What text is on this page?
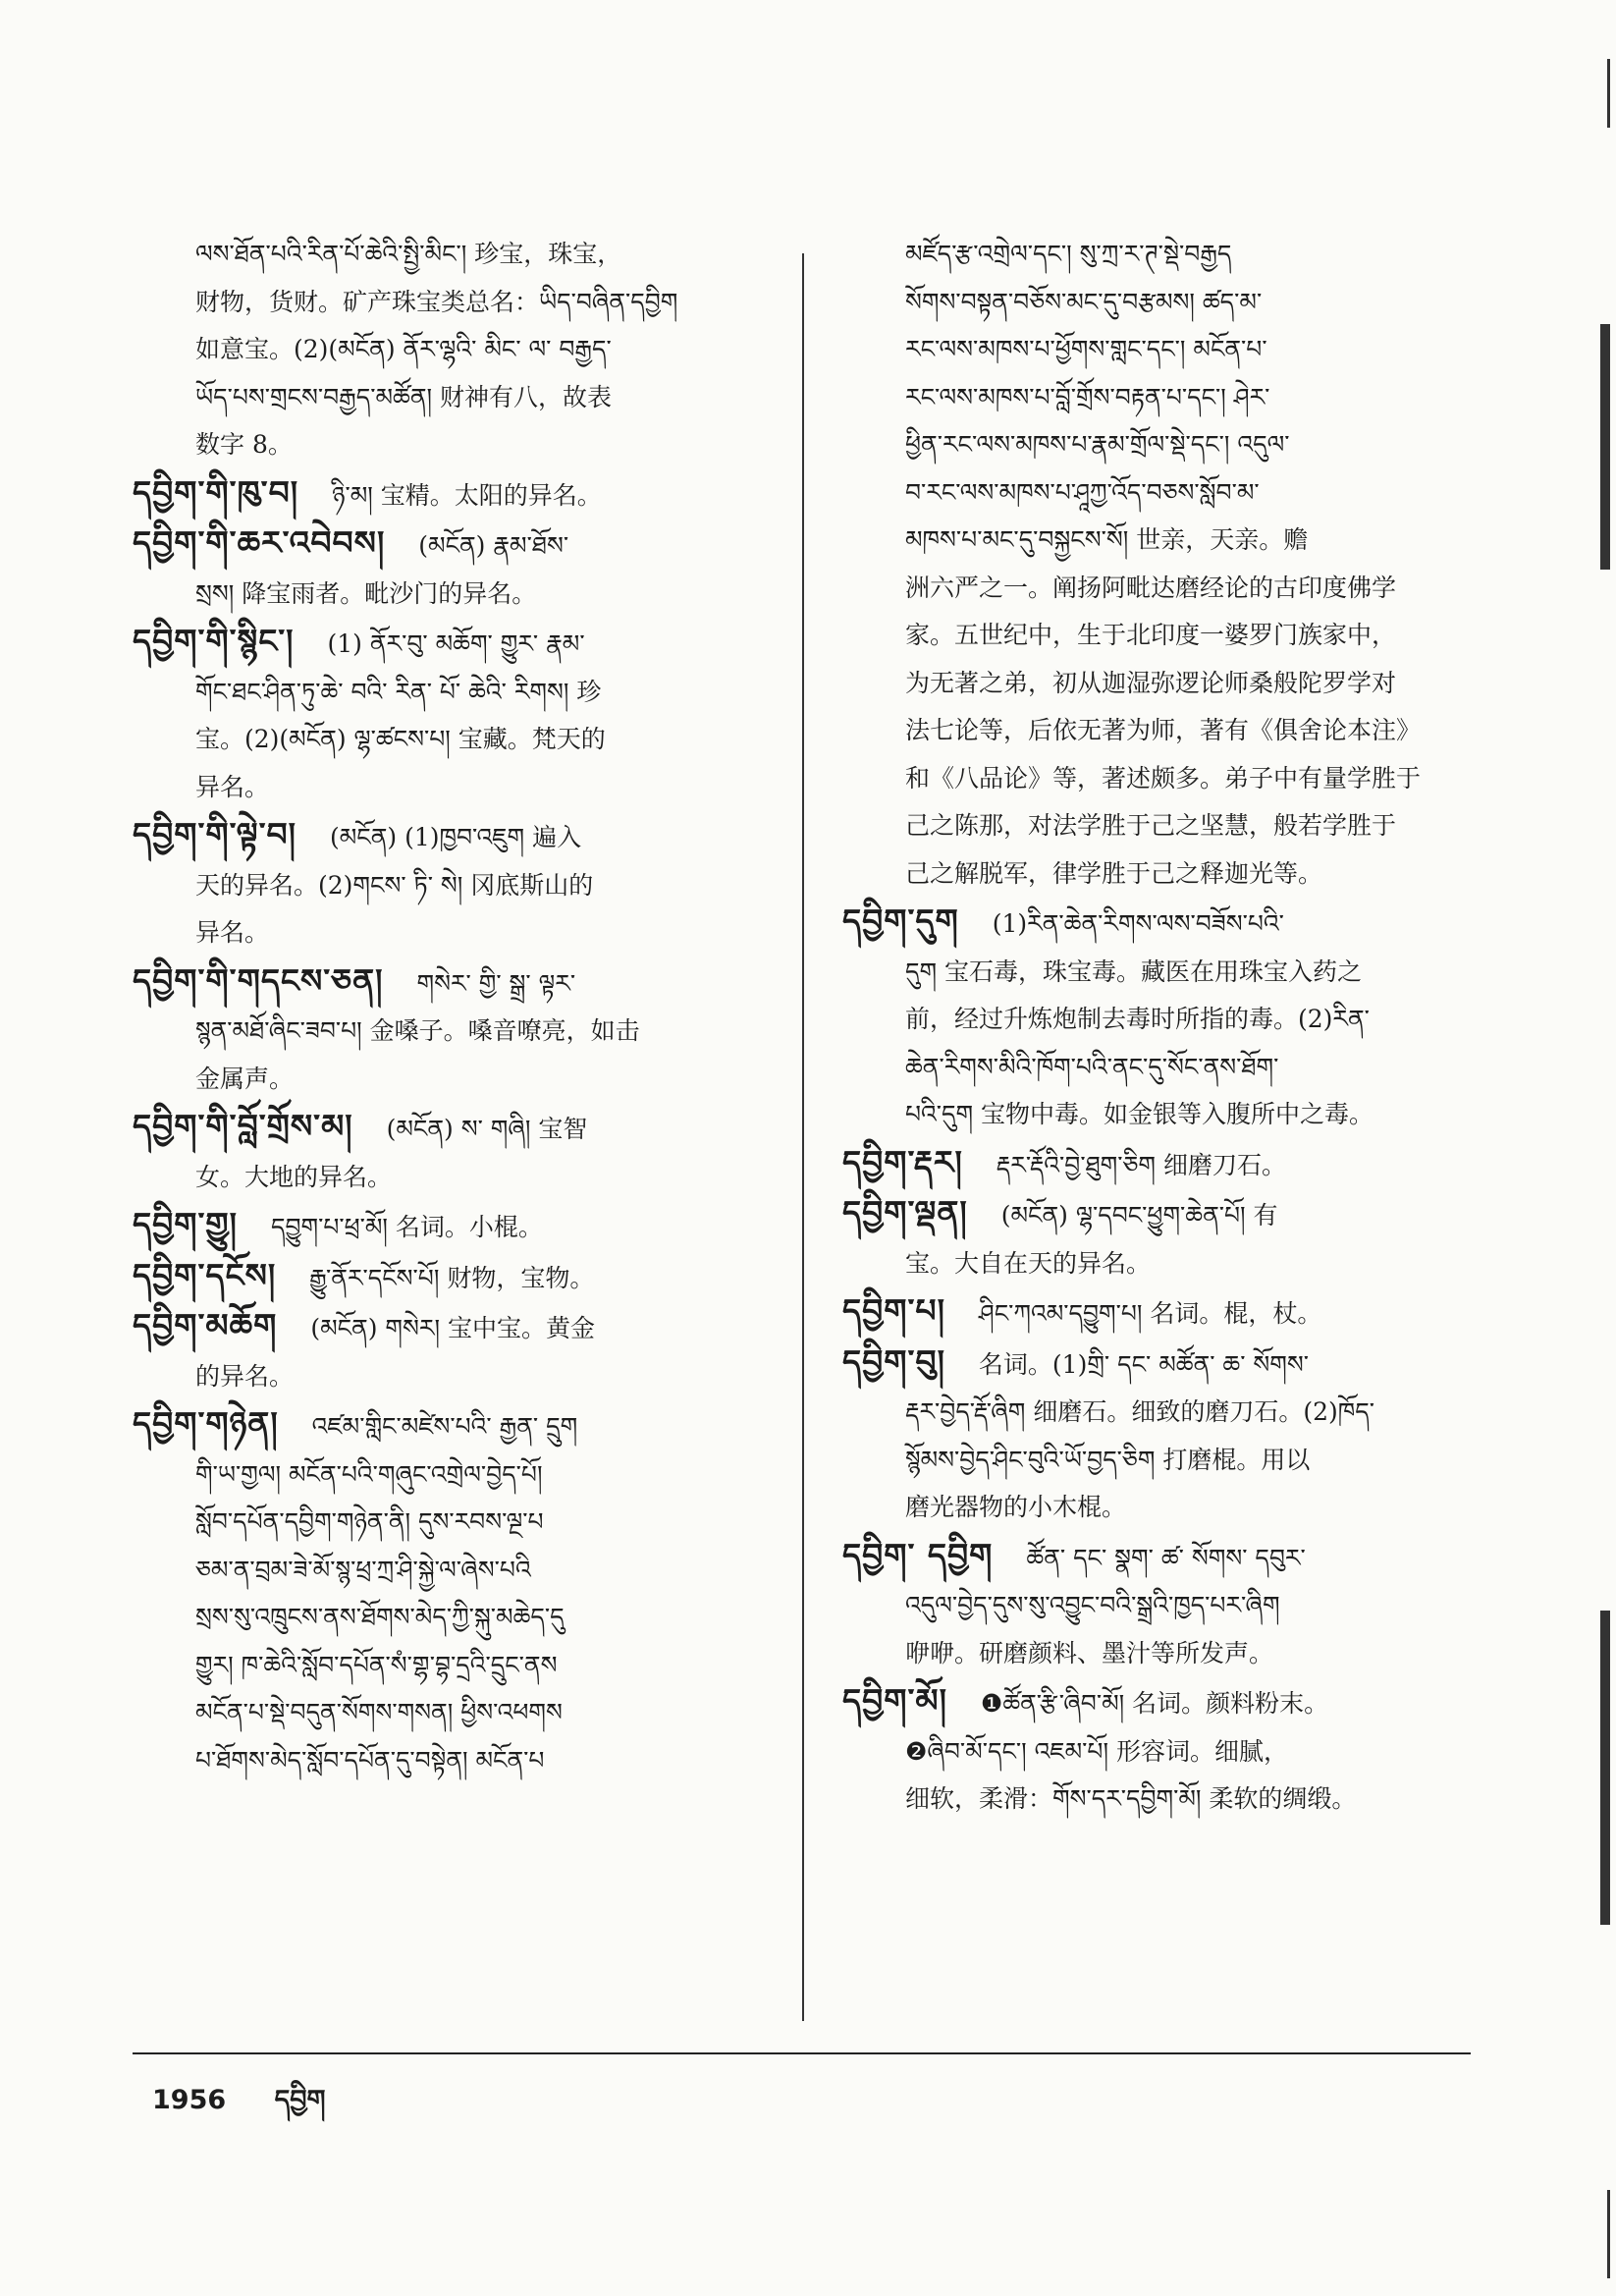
ལས་ཐོན་པའི་རིན་པོ་ཆེའི་སྤྱི་མིང་། 珍宝，珠宝，
财物，货财。矿产珠宝类总名：ཡིད་བཞིན་དབྱིག
如意宝。(2)(མངོན) ནོར་ལྷའི་ མིང་ ལ་ བརྒྱད་
ཡོད་པས་གྲངས་བརྒྱད་མཚོན། 财神有八，故表
数字 8。
དབྱིག་གི་ཁུ་བ། ཉི་མ། 宝精。太阳的异名。
དབྱིག་གི་ཆར་འབེབས། (མངོན) རྣམ་ཐོས་
སྲས། 降宝雨者。毗沙门的异名。
དབྱིག་གི་སྙིང་། (1) ནོར་བུ་ མཆོག་ གྱུར་ རྣམ་
གོང་ཐང་ཤིན་ཏུ་ཆེ་ བའི་ རིན་ པོ་ ཆེའི་ རིགས། 珍
宝。(2)(མངོན) ལྷ་ཚངས་པ། 宝藏。梵天的
异名。
དབྱིག་གི་ལྟེ་བ། (མངོན) (1)ཁྱབ་འཇུག 遍入
天的异名。(2)གངས་ ཏི་ སེ། 冈底斯山的
异名。
དབྱིག་གི་གདངས་ཅན། གསེར་ གྱི་ སྒྲ་ ལྟར་
སྙན་མཐོ་ཞིང་ཟབ་པ། 金嗓子。嗓音嘹亮，如击
金属声。
དབྱིག་གི་བློ་གྲོས་མ། (མངོན) ས་ གཞི། 宝智
女。大地的异名。
དབྱིག་གྱུ། དབྱུག་པ་ཕྲ་མོ། 名词。小棍。
དབྱིག་དངོས། རྒྱུ་ནོར་དངོས་པོ། 财物，宝物。
དབྱིག་མཆོག (མངོན) གསེར། 宝中宝。黄金
的异名。
དབྱིག་གཉེན། འཛམ་གླིང་མཛེས་པའི་ རྒྱན་ དྲུག
གི་ཡ་གྱལ། མངོན་པའི་གཞུང་འགྲེལ་བྱེད་པོ།
སློབ་དཔོན་དབྱིག་གཉེན་ནི། དུས་རབས་ལྔ་པ
ཅམ་ན་བྲམ་ཟེ་མོ་སྙ་ཕྲ་ཀྲ་ཤི་སྐྱེ་ལ་ཞེས་པའི
སྲས་སུ་འཁྲུངས་ནས་ཐོགས་མེད་ཀྱི་སྐུ་མཆེད་དུ
གྱུར། ཁ་ཆེའི་སློབ་དཔོན་སཾ་གྷ་བྷ་དྲའི་དྲུང་ནས
མངོན་པ་སྡེ་བདུན་སོགས་གསན། ཕྱིས་འཕགས
པ་ཐོགས་མེད་སློབ་དཔོན་དུ་བསྟེན། མངོན་པ
མཛོད་རྩ་འགྲེལ་དང་། སུ་ཀྲ་ར་ཊ་སྡེ་བརྒྱད
སོགས་བསྟན་བཅོས་མང་དུ་བརྩམས། ཚད་མ་
རང་ལས་མཁས་པ་ཕྱོགས་གླང་དང་། མངོན་པ་
རང་ལས་མཁས་པ་བློ་གྲོས་བརྟན་པ་དང་། ཤེར་
ཕྱིན་རང་ལས་མཁས་པ་རྣམ་གྲོལ་སྡེ་དང་། འདུལ་
བ་རང་ལས་མཁས་པ་ཤཱཀྱ་འོད་བཅས་སློབ་མ་
མཁས་པ་མང་དུ་བསྐྱངས་སོ། 世亲，天亲。赡
洲六严之一。阐扬阿毗达磨经论的古印度佛学
家。五世纪中，生于北印度一婆罗门族家中，
为无著之弟，初从迦湿弥逻论师桑般陀罗学对
法七论等，后依无著为师，著有《俱舍论本注》
和《八品论》等，著述颇多。弟子中有量学胜于
己之陈那，对法学胜于己之坚慧，般若学胜于
己之解脱军，律学胜于己之释迦光等。
དབྱིག་དུག (1)རིན་ཆེན་རིགས་ལས་བཟོས་པའི་
དུག 宝石毒，珠宝毒。藏医在用珠宝入药之
前，经过升炼炮制去毒时所指的毒。(2)རིན་
ཆེན་རིགས་མིའི་ཁོག་པའི་ནང་དུ་སོང་ནས་ཐོག་
པའི་དུག 宝物中毒。如金银等入腹所中之毒。
དབྱིག་རྡར། རྡར་རྡོའི་བྱེ་ཐུག་ཅིག 细磨刀石。
དབྱིག་ལྡན། (མངོན) ལྷ་དབང་ཕྱུག་ཆེན་པོ། 有
宝。大自在天的异名。
དབྱིག་པ། ཤིང་ཀའམ་དབྱུག་པ། 名词。棍，杖。
དབྱིག་བུ། 名词。(1)གྲི་ དང་ མཚོན་ ཆ་ སོགས་
རྡར་བྱེད་རྡོ་ཞིག 细磨石。细致的磨刀石。(2)ཁོད་
སྙོམས་བྱེད་ཤིང་བུའི་ཡོ་བྱད་ཅིག 打磨棍。用以
磨光器物的小木棍。
དབྱིག་ དབྱིག ཚོན་ དང་ སྣག་ ཚ་ སོགས་ དབུར་
འདུལ་བྱེད་དུས་སུ་འབྱུང་བའི་སྒྲའི་ཁྱད་པར་ཞིག
咿咿。研磨颜料、墨汁等所发声。
དབྱིག་མོ། ❶ཚོན་རྩི་ཞིབ་མོ། 名词。颜料粉末。
❷ཞིབ་མོ་དང་། འཇམ་པོ། 形容词。细腻，
细软，柔滑：གོས་དར་དབྱིག་མོ། 柔软的绸缎。
1956 དབྱིག
